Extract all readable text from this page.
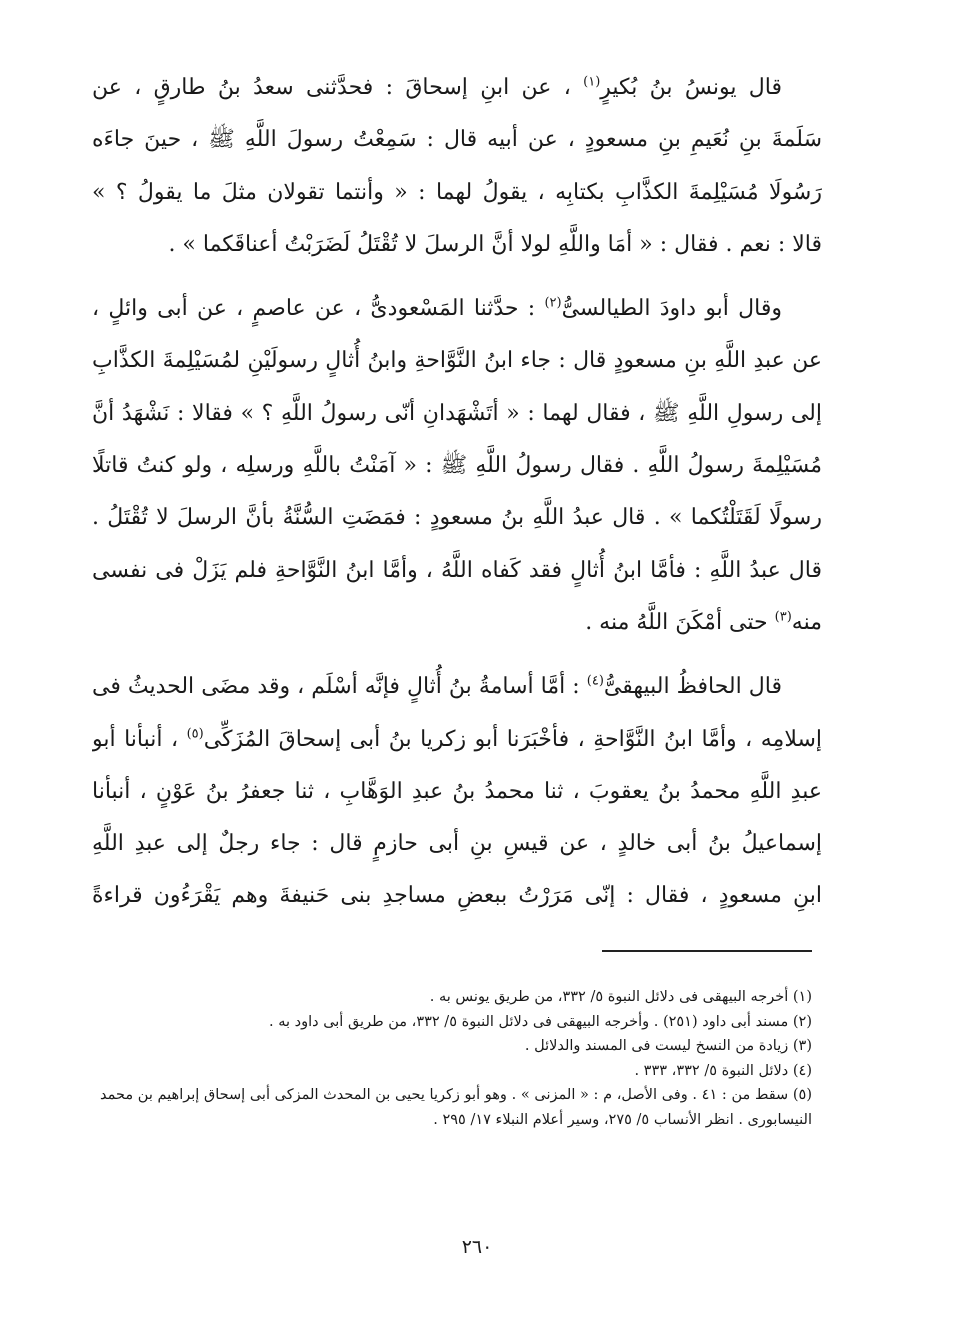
قال يونسُ بنُ بُكيرٍ$^{(١)}$ ، عن ابنِ إسحاقَ : فحدَّثنى سعدُ بنُ طارقٍ ، عن
سَلَمةَ بنِ نُعَيمِ بنِ مسعودٍ ، عن أبيه قال : سَمِعْتُ رسولَ اللَّهِ ﷺ ، حينَ جاءَه
رَسُولَا مُسَيْلِمةَ الكذَّابِ بكتابِه ، يقولُ لهما : « وأنتما تقولان مثلَ ما يقولُ ؟ »
قالا : نعم . فقال : « أمَا واللَّهِ لولا أنَّ الرسلَ لا تُقْتَلُ لَضَرَبْتُ أعناقَكما » .
وقال أبو داودَ الطيالسىُّ$^{(٢)}$ : حدَّثنا المَسْعودىُّ ، عن عاصمٍ ، عن أبى وائلٍ ،
عن عبدِ اللَّهِ بنِ مسعودٍ قال : جاء ابنُ النَّوَّاحةِ وابنُ أُثالٍ رسولَيْنِ لمُسَيْلِمةَ الكذَّابِ
إلى رسولِ اللَّهِ ﷺ ، فقال لهما : « أتَشْهَدانِ أنّى رسولُ اللَّهِ ؟ » فقالا : نَشْهَدُ أنَّ
مُسَيْلِمةَ رسولُ اللَّهِ . فقال رسولُ اللَّهِ ﷺ : « آمَنْتُ باللَّهِ ورسلِه ، ولو كنتُ قاتلًا
رسولًا لَقَتَلْتُكما » . قال عبدُ اللَّهِ بنُ مسعودٍ : فمَضَتِ السُّنَّةُ بأنَّ الرسلَ لا تُقْتَلُ .
قال عبدُ اللَّهِ : فأمَّا ابنُ أُثالٍ فقد كَفاه اللَّهُ ، وأمَّا ابنُ النَّوَّاحةِ فلم يَزَلْ فى نفسى
منه$^{(٣)}$ حتى أمْكَنَ اللَّهُ منه .
قال الحافظُ البيهقىُّ$^{(٤)}$ : أمَّا أسامةُ بنُ أُثالٍ فإنَّه أسْلَم ، وقد مضَى الحديثُ فى
إسلامِه ، وأمَّا ابنُ النَّوَّاحةِ ، فأخْبَرَنا أبو زكريا بنُ أبى إسحاقَ المُزَكِّى$^{(٥)}$ ، أنبأنا أبو
عبدِ اللَّهِ محمدُ بنُ يعقوبَ ، ثنا محمدُ بنُ عبدِ الوَهَّابِ ، ثنا جعفرُ بنُ عَوْنٍ ، أنبأنا
إسماعيلُ بنُ أبى خالدٍ ، عن قيسِ بنِ أبى حازمٍ قال : جاء رجلٌ إلى عبدِ اللَّهِ
ابنِ مسعودٍ ، فقال : إنّى مَرَرْتُ ببعضِ مساجدِ بنى حَنيفةَ وهم يَقْرَءُون قراءةً
(١) أخرجه البيهقى فى دلائل النبوة ٥/ ٣٣٢، من طريق يونس به .
(٢) مسند أبى داود (٢٥١) . وأخرجه البيهقى فى دلائل النبوة ٥/ ٣٣٢، من طريق أبى داود به .
(٣) زيادة من النسخ ليست فى المسند والدلائل .
(٤) دلائل النبوة ٥/ ٣٣٢، ٣٣٣ .
(٥) سقط من : ٤١ . وفى الأصل، م : « المزنى » . وهو أبو زكريا يحيى بن المحدث المزكى أبى إسحاق إبراهيم بن محمد النيسابورى . انظر الأنساب ٥/ ٢٧٥، وسير أعلام النبلاء ١٧/ ٢٩٥ .
٢٦٠
